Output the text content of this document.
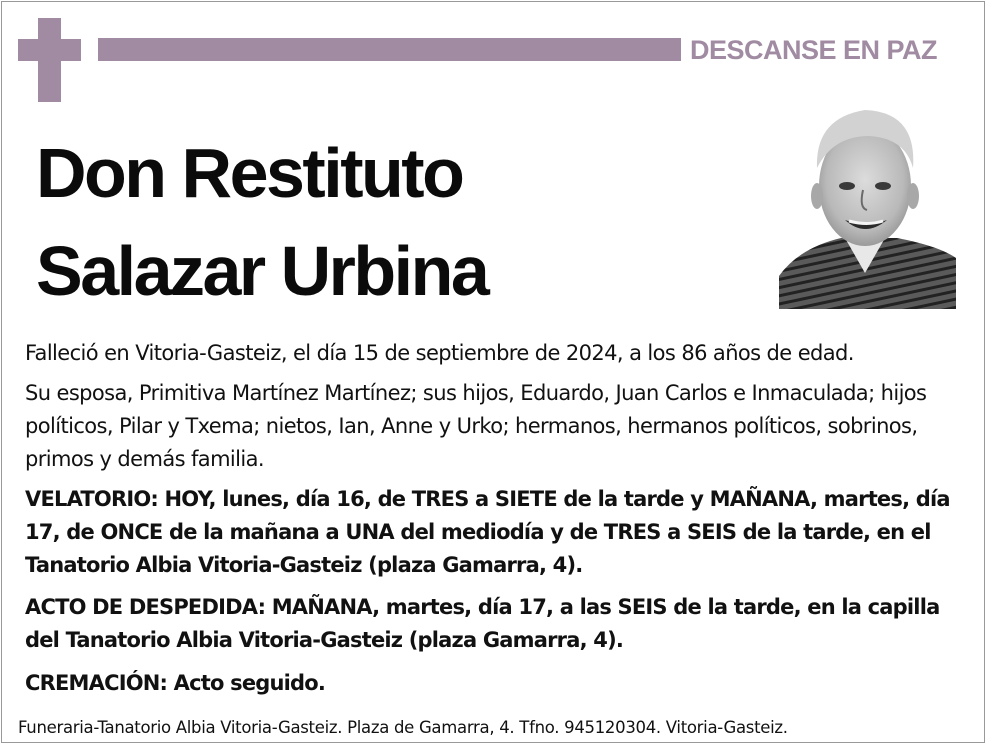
DESCANSE EN PAZ
Don Restituto
Salazar Urbina
Falleció en Vitoria-Gasteiz, el día 15 de septiembre de 2024, a los 86 años de edad.
Su esposa, Primitiva Martínez Martínez; sus hijos, Eduardo, Juan Carlos e Inmaculada; hijos políticos, Pilar y Txema; nietos, Ian, Anne y Urko; hermanos, hermanos políticos, sobrinos, primos y demás familia.
VELATORIO: HOY, lunes, día 16, de TRES a SIETE de la tarde y MAÑANA, martes, día 17, de ONCE de la mañana a UNA del mediodía y de TRES a SEIS de la tarde, en el Tanatorio Albia Vitoria-Gasteiz (plaza Gamarra, 4).
ACTO DE DESPEDIDA: MAÑANA, martes, día 17, a las SEIS de la tarde, en la capilla del Tanatorio Albia Vitoria-Gasteiz (plaza Gamarra, 4).
CREMACIÓN: Acto seguido.
Funeraria-Tanatorio Albia Vitoria-Gasteiz. Plaza de Gamarra, 4. Tfno. 945120304. Vitoria-Gasteiz.
